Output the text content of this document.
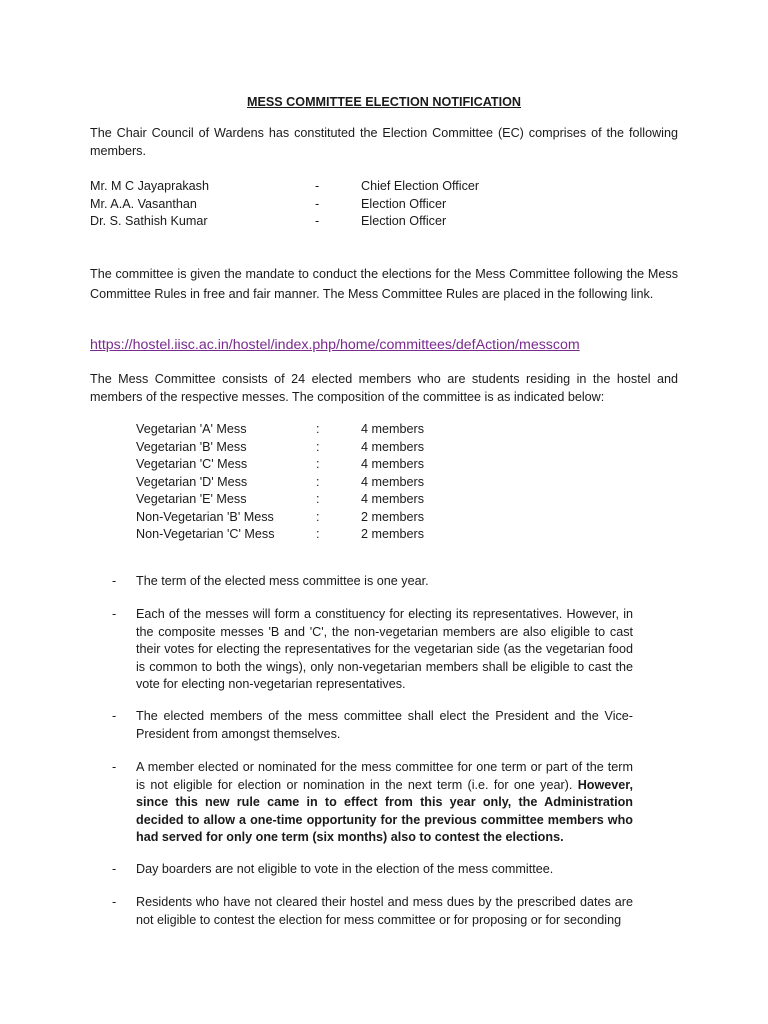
MESS COMMITTEE ELECTION NOTIFICATION
The Chair Council of Wardens has constituted the Election Committee (EC) comprises of the following members.
Mr. M C Jayaprakash	-	Chief Election Officer
Mr. A.A. Vasanthan	-	Election Officer
Dr. S. Sathish Kumar	-	Election Officer
The committee is given the mandate to conduct the elections for the Mess Committee following the Mess Committee Rules in free and fair manner. The Mess Committee Rules are placed in the following link.
https://hostel.iisc.ac.in/hostel/index.php/home/committees/defAction/messcom
The Mess Committee consists of 24 elected members who are students residing in the hostel and members of the respective messes. The composition of the committee is as indicated below:
Vegetarian 'A' Mess	:	4 members
Vegetarian 'B' Mess	:	4 members
Vegetarian 'C' Mess	:	4 members
Vegetarian 'D' Mess	:	4 members
Vegetarian 'E' Mess	:	4 members
Non-Vegetarian 'B' Mess	:	2 members
Non-Vegetarian 'C' Mess	:	2 members
- The term of the elected mess committee is one year.
- Each of the messes will form a constituency for electing its representatives. However, in the composite messes 'B and 'C', the non-vegetarian members are also eligible to cast their votes for electing the representatives for the vegetarian side (as the vegetarian food is common to both the wings), only non-vegetarian members shall be eligible to cast the vote for electing non-vegetarian representatives.
- The elected members of the mess committee shall elect the President and the Vice-President from amongst themselves.
- A member elected or nominated for the mess committee for one term or part of the term is not eligible for election or nomination in the next term (i.e. for one year). However, since this new rule came in to effect from this year only, the Administration decided to allow a one-time opportunity for the previous committee members who had served for only one term (six months) also to contest the elections.
- Day boarders are not eligible to vote in the election of the mess committee.
- Residents who have not cleared their hostel and mess dues by the prescribed dates are not eligible to contest the election for mess committee or for proposing or for seconding
